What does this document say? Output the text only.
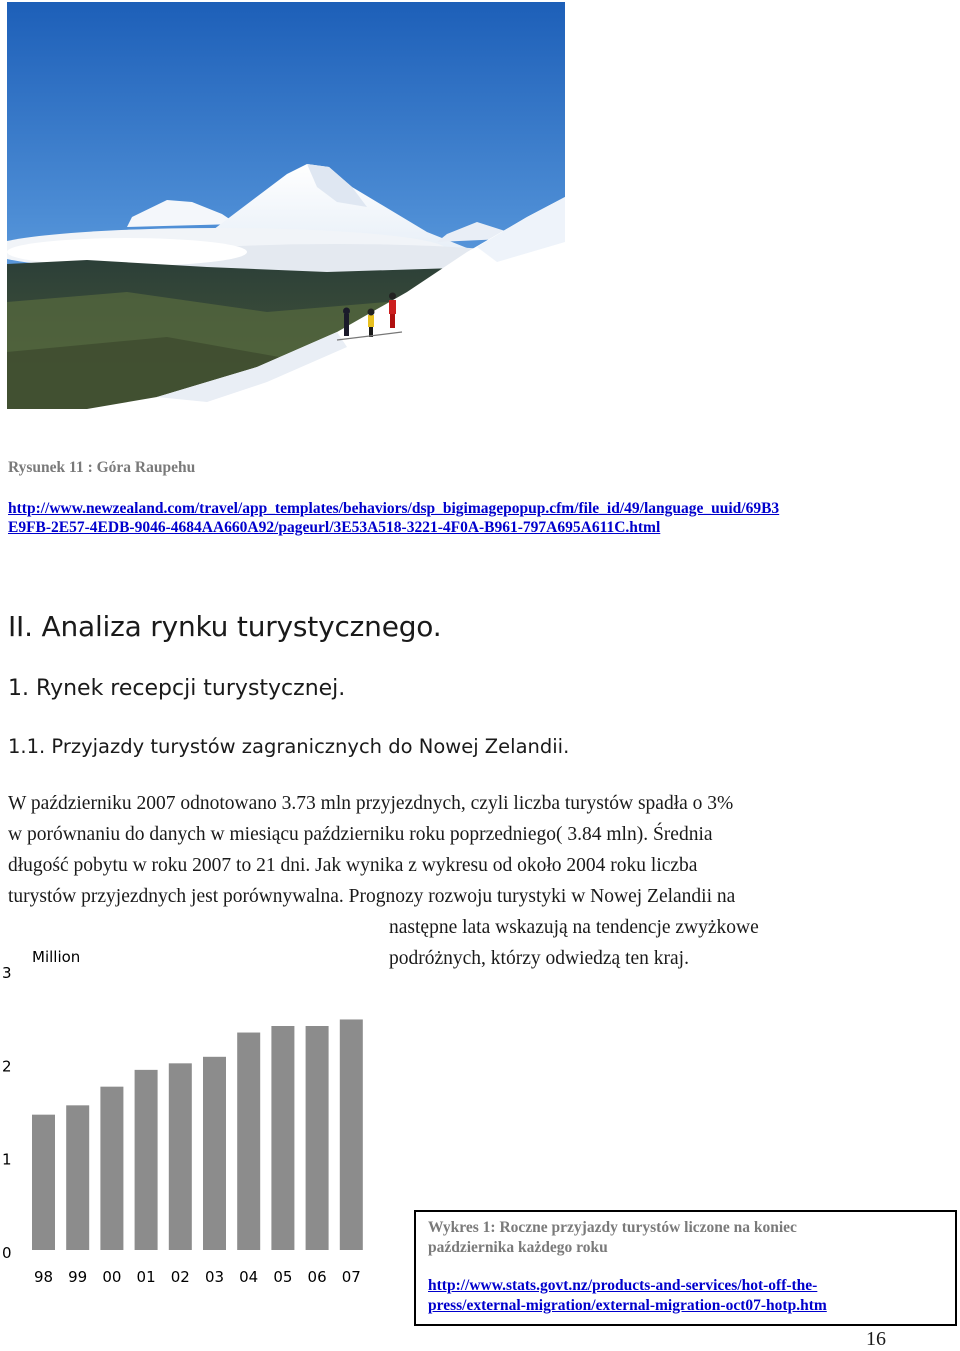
Rysunek 11 : Góra Raupehu
http://www.newzealand.com/travel/app_templates/behaviors/dsp_bigimagepopup.cfm/file_id/49/language_uuid/69B3
E9FB-2E57-4EDB-9046-4684AA660A92/pageurl/3E53A518-3221-4F0A-B961-797A695A611C.html
II. Analiza rynku turystycznego.
1. Rynek recepcji turystycznej.
1.1. Przyjazdy turystów zagranicznych do Nowej Zelandii.
W październiku 2007 odnotowano 3.73 mln przyjezdnych, czyli liczba turystów spadła o 3%
w porównaniu do danych w miesiącu październiku roku poprzedniego( 3.84 mln). Średnia
długość pobytu w roku 2007 to 21 dni. Jak wynika z wykresu od około 2004 roku liczba
turystów przyjezdnych jest porównywalna. Prognozy rozwoju turystyki w Nowej Zelandii na
następne lata wskazują na tendencje zwyżkowe
podróżnych, którzy odwiedzą ten kraj.
Million
0
1
2
3
98 99 00 01 02 03 04 05 06 07
Wykres 1: Roczne przyjazdy turystów liczone na koniec
października każdego roku
http://www.stats.govt.nz/products-and-services/hot-off-the-
press/external-migration/external-migration-oct07-hotp.htm
16
